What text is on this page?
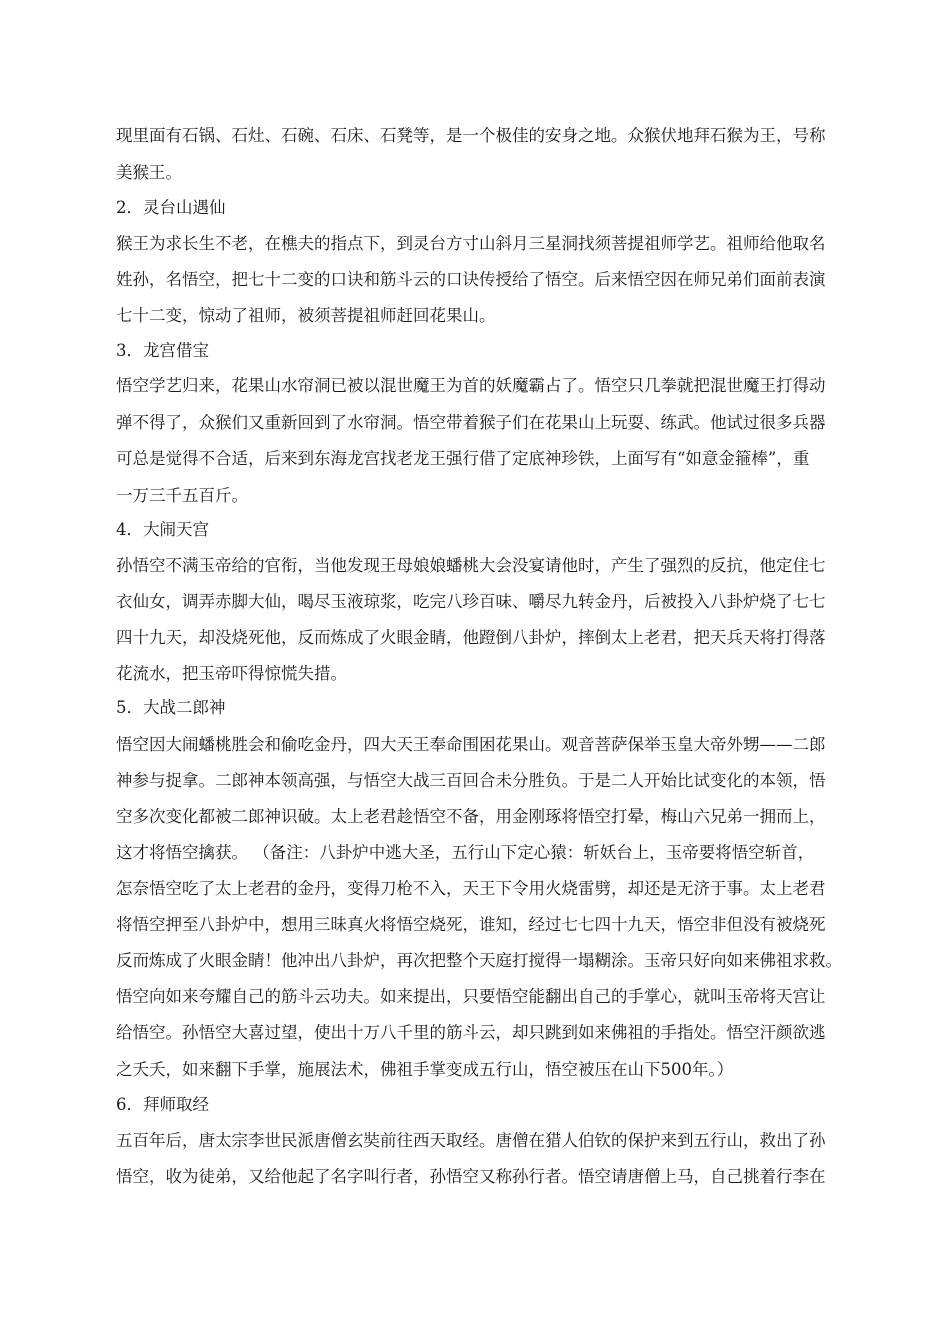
现里面有石锅、石灶、石碗、石床、石凳等，是一个极佳的安身之地。众猴伏地拜石猴为王，号称
美猴王。
2．灵台山遇仙
猴王为求长生不老，在樵夫的指点下，到灵台方寸山斜月三星洞找须菩提祖师学艺。祖师给他取名
姓孙，名悟空，把七十二变的口诀和筋斗云的口诀传授给了悟空。后来悟空因在师兄弟们面前表演
七十二变，惊动了祖师，被须菩提祖师赶回花果山。
3．龙宫借宝
悟空学艺归来，花果山水帘洞已被以混世魔王为首的妖魔霸占了。悟空只几拳就把混世魔王打得动
弹不得了，众猴们又重新回到了水帘洞。悟空带着猴子们在花果山上玩耍、练武。他试过很多兵器
可总是觉得不合适，后来到东海龙宫找老龙王强行借了定底神珍铁，上面写有“如意金箍棒”，重
一万三千五百斤。
4．大闹天宫
孙悟空不满玉帝给的官衔，当他发现王母娘娘蟠桃大会没宴请他时，产生了强烈的反抗，他定住七
衣仙女，调弄赤脚大仙，喝尽玉液琼浆，吃完八珍百味、嚼尽九转金丹，后被投入八卦炉烧了七七
四十九天，却没烧死他，反而炼成了火眼金睛，他蹬倒八卦炉，摔倒太上老君，把天兵天将打得落
花流水，把玉帝吓得惊慌失措。
5．大战二郎神
悟空因大闹蟠桃胜会和偷吃金丹，四大天王奉命围困花果山。观音菩萨保举玉皇大帝外甥——二郎
神参与捉拿。二郎神本领高强，与悟空大战三百回合未分胜负。于是二人开始比试变化的本领，悟
空多次变化都被二郎神识破。太上老君趁悟空不备，用金刚琢将悟空打晕，梅山六兄弟一拥而上，
这才将悟空擒获。 （备注：八卦炉中逃大圣，五行山下定心猿：斩妖台上，玉帝要将悟空斩首，
怎奈悟空吃了太上老君的金丹，变得刀枪不入，天王下令用火烧雷劈，却还是无济于事。太上老君
将悟空押至八卦炉中，想用三昧真火将悟空烧死，谁知，经过七七四十九天，悟空非但没有被烧死
反而炼成了火眼金睛！他冲出八卦炉，再次把整个天庭打搅得一塌糊涂。玉帝只好向如来佛祖求救。
悟空向如来夸耀自己的筋斗云功夫。如来提出，只要悟空能翻出自己的手掌心，就叫玉帝将天宫让
给悟空。孙悟空大喜过望，使出十万八千里的筋斗云，却只跳到如来佛祖的手指处。悟空汗颜欲逃
之夭夭，如来翻下手掌，施展法术，佛祖手掌变成五行山，悟空被压在山下500年。）
6．拜师取经
五百年后，唐太宗李世民派唐僧玄奘前往西天取经。唐僧在猎人伯钦的保护来到五行山，救出了孙
悟空，收为徒弟，又给他起了名字叫行者，孙悟空又称孙行者。悟空请唐僧上马，自己挑着行李在
